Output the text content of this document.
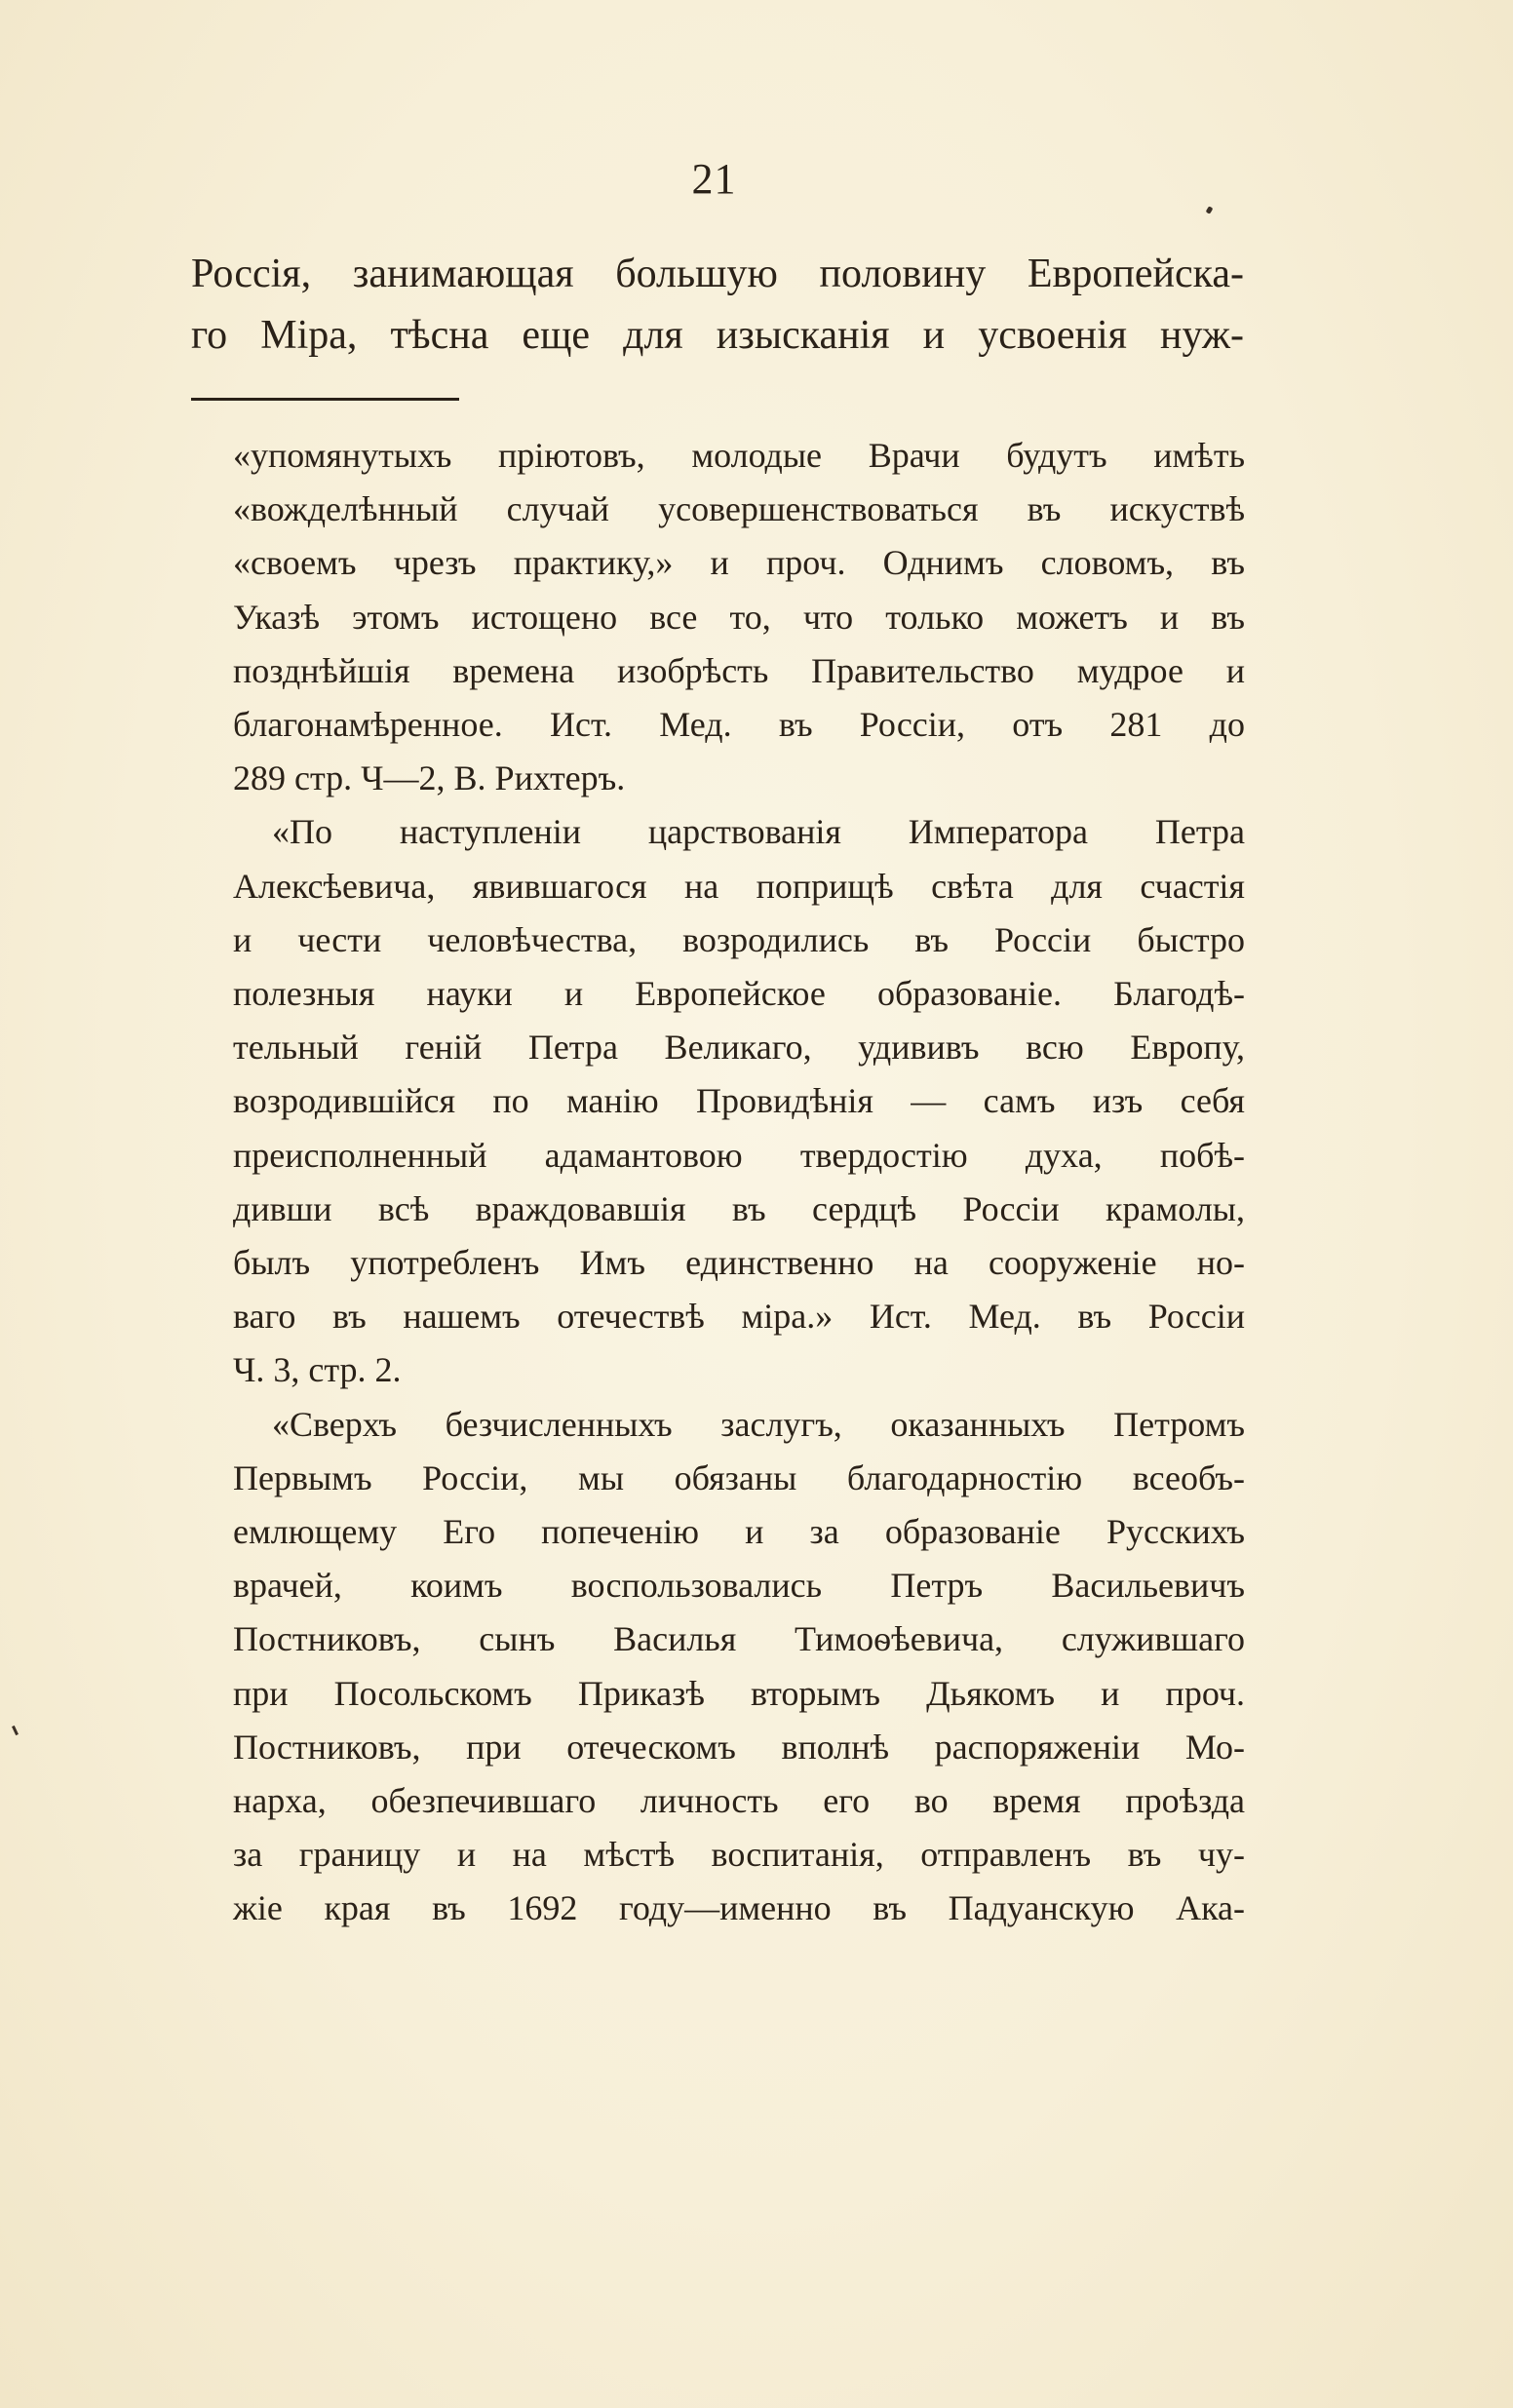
21
Россія, занимающая большую половину Европейска-
го Міра, тѣсна еще для изысканія и усвоенія нуж-
«упомянутыхъ пріютовъ, молодые Врачи будутъ имѣть
«вожделѣнный случай усовершенствоваться въ искуствѣ
«своемъ чрезъ практику,» и проч. Однимъ словомъ, въ
Указѣ этомъ истощено все то, что только можетъ и въ
позднѣйшія времена изобрѣсть Правительство мудрое и
благонамѣренное. Ист. Мед. въ Россіи, отъ 281 до
289 стр. Ч—2, В. Рихтеръ.
«По наступленіи царствованія Императора Петра
Алексѣевича, явившагося на поприщѣ свѣта для счастія
и чести человѣчества, возродились въ Россіи быстро
полезныя науки и Европейское образованіе. Благодѣ-
тельный геній Петра Великаго, удививъ всю Европу,
возродившійся по манію Провидѣнія — самъ изъ себя
преисполненный адамантовою твердостію духа, побѣ-
дивши всѣ враждовавшія въ сердцѣ Россіи крамолы,
былъ употребленъ Имъ единственно на сооруженіе но-
ваго въ нашемъ отечествѣ міра.» Ист. Мед. въ Россіи
Ч. 3, стр. 2.
«Сверхъ безчисленныхъ заслугъ, оказанныхъ Петромъ
Первымъ Россіи, мы обязаны благодарностію всеобъ-
емлющему Его попеченію и за образованіе Русскихъ
врачей, коимъ воспользовались Петръ Васильевичъ
Постниковъ, сынъ Василья Тимоѳѣевича, служившаго
при Посольскомъ Приказѣ вторымъ Дьякомъ и проч.
Постниковъ, при отеческомъ вполнѣ распоряженіи Мо-
нарха, обезпечившаго личность его во время проѣзда
за границу и на мѣстѣ воспитанія, отправленъ въ чу-
жіе края въ 1692 году—именно въ Падуанскую Ака-
